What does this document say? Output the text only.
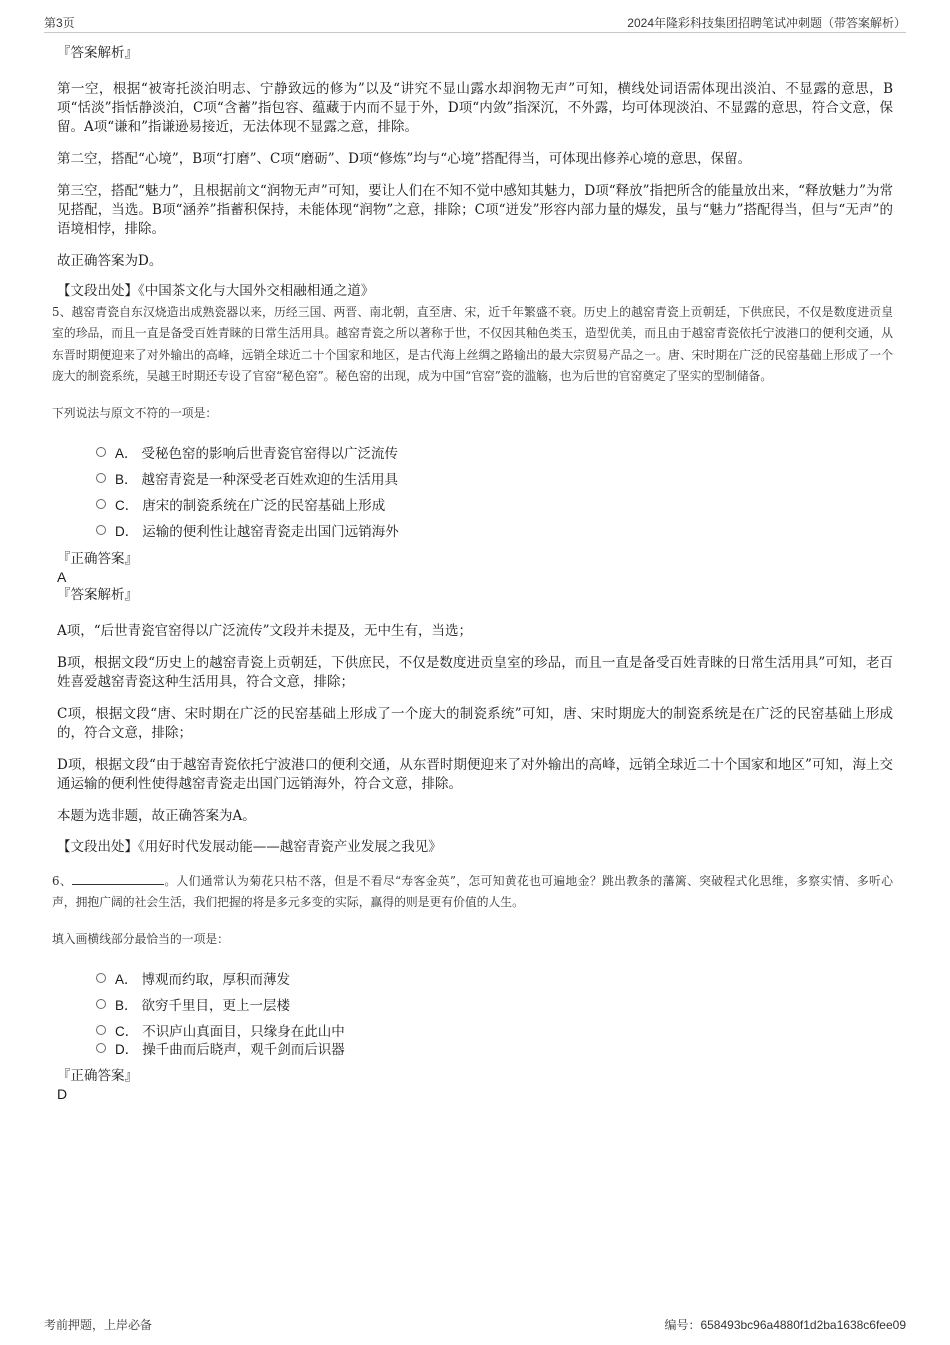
第3页	2024年隆彩科技集团招聘笔试冲刺题（带答案解析）

『答案解析』

第一空，根据“被寄托淡泊明志、宁静致远的修为”以及“讲究不显山露水却润物无声”可知，横线处词语需体现出淡泊、不显露的意思，B项“恬淡”指恬静淡泊，C项“含蓄”指包容、蕴藏于内而不显于外，D项“内敛”指深沉，不外露，均可体现淡泊、不显露的意思，符合文意，保留。A项“谦和”指谦逊易接近，无法体现不显露之意，排除。

第二空，搭配“心境”，B项“打磨”、C项“磨砺”、D项“修炼”均与“心境”搭配得当，可体现出修养心境的意思，保留。

第三空，搭配“魅力”，且根据前文“润物无声”可知，要让人们在不知不觉中感知其魅力，D项“释放”指把所含的能量放出来，“释放魅力”为常见搭配，当选。B项“涵养”指蓄积保持，未能体现“润物”之意，排除；C项“迸发”形容内部力量的爆发，虽与“魅力”搭配得当，但与“无声”的语境相悖，排除。

故正确答案为D。

【文段出处】《中国茶文化与大国外交相融相通之道》

5、越窑青瓷自东汉烧造出成熟瓷器以来，历经三国、两晋、南北朝，直至唐、宋，近千年繁盛不衰。历史上的越窑青瓷上贡朝廷，下供庶民，不仅是数度进贡皇室的珍品，而且一直是备受百姓青睐的日常生活用具。越窑青瓷之所以著称于世，不仅因其釉色类玉，造型优美，而且由于越窑青瓷依托宁波港口的便利交通，从东晋时期便迎来了对外输出的高峰，远销全球近二十个国家和地区，是古代海上丝绸之路输出的最大宗贸易产品之一。唐、宋时期在广泛的民窑基础上形成了一个庞大的制瓷系统，吴越王时期还专设了官窑“秘色窑”。秘色窑的出现，成为中国“官窑”瓷的滥觞，也为后世的官窑奠定了坚实的型制储备。

下列说法与原文不符的一项是：

A． 受秘色窑的影响后世青瓷官窑得以广泛流传
B． 越窑青瓷是一种深受老百姓欢迎的生活用具
C． 唐宋的制瓷系统在广泛的民窑基础上形成
D． 运输的便利性让越窑青瓷走出国门远销海外

『正确答案』

A

『答案解析』

A项，“后世青瓷官窑得以广泛流传”文段并未提及，无中生有，当选；

B项，根据文段“历史上的越窑青瓷上贡朝廷，下供庶民，不仅是数度进贡皇室的珍品，而且一直是备受百姓青睐的日常生活用具”可知，老百姓喜爱越窑青瓷这种生活用具，符合文意，排除；

C项，根据文段“唐、宋时期在广泛的民窑基础上形成了一个庞大的制瓷系统”可知，唐、宋时期庞大的制瓷系统是在广泛的民窑基础上形成的，符合文意，排除；

D项，根据文段“由于越窑青瓷依托宁波港口的便利交通，从东晋时期便迎来了对外输出的高峰，远销全球近二十个国家和地区”可知，海上交通运输的便利性使得越窑青瓷走出国门远销海外，符合文意，排除。

本题为选非题，故正确答案为A。

【文段出处】《用好时代发展动能——越窑青瓷产业发展之我见》

6、	。人们通常认为菊花只枯不落，但是不看尽“寿客金英”，怎可知黄花也可遍地金？跳出教条的藩篱、突破程式化思维，多察实情、多听心声，拥抱广阔的社会生活，我们把握的将是多元多变的实际，赢得的则是更有价值的人生。

填入画横线部分最恰当的一项是：

A． 博观而约取，厚积而薄发
B． 欲穷千里目，更上一层楼
C． 不识庐山真面目，只缘身在此山中
D． 操千曲而后晓声，观千剑而后识器

『正确答案』

D

考前押题，上岸必备	编号：658493bc96a4880f1d2ba1638c6fee09
